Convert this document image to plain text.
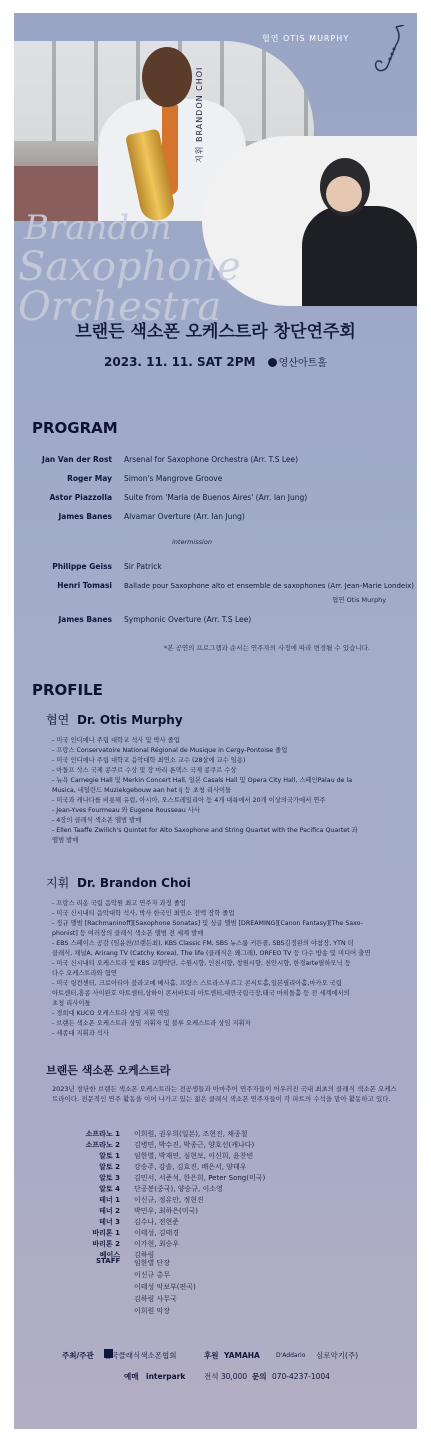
협연 OTIS MURPHY
지휘 BRANDON CHOI
Brandon
Saxophone Orchestra
브랜든 색소폰 오케스트라 창단연주회
2023. 11. 11. SAT 2PM 영산아트홀
PROGRAM
Jan Van der Rost Arsenal for Saxophone Orchestra (Arr. T.S Lee)
Roger May Simon's Mangrove Groove
Astor Piazzolla Suite from 'Maria de Buenos Aires' (Arr. Ian Jung)
James Banes Alvamar Overture (Arr. Ian Jung)
intermission
Philippe Geiss Sir Patrick
Henri Tomasi Ballade pour Saxophone alto et ensemble de saxophones (Arr. Jean-Marie Londeix)
협연 Otis Murphy
James Banes Symphonic Overture (Arr. T.S Lee)
*본 공연의 프로그램과 순서는 연주자의 사정에 따라 변경될 수 있습니다.
PROFILE
협연 Dr. Otis Murphy
- 미국 인디애나 주립 대학교 석사 및 박사 졸업
- 프랑스 Conservatoire National Régional de Musique in Cergy-Pontoise 졸업
- 미국 인디애나 주립 대학교 음악대학 최연소 교수 (28살에 교수 임용)
- 아돌프 삭스 국제 콩쿠르 수상 및 장 마리 론덱스 국제 콩쿠르 수상
- 뉴욕 Carnegie Hall 및 Merkin Concert Hall, 일본 Casals Hall 및 Opera City Hall, 스페인Palau de la
Musica, 네덜란드 Muziekgebouw aan het Ij 등 초청 리사이틀
- 미국과 캐나다를 비롯해 유럽, 아시아, 오스트레일리아 등 4개 대륙에서 20개 이상의국가에서 연주
- Jean-Yves Fourmeau 와 Eugene Rousseau 사사
- 4장의 클래식 색소폰 앨범 발매
- Ellen Taaffe Zwilich's Quintet for Alto Saxophone and String Quartet with the Pacifica Quartet 과
앨범 발매
지휘 Dr. Brandon Choi
- 프랑스 리옹 국립 음악원 최고 연주자 과정 졸업
- 미국 신시내티 음악대학 석사, 박사 한국인 최연소 전액 장학 졸업
- 정규 앨범 [Rachmaninoff][Saxophone Sonatas] 및 싱글 앨범 [DREAMING][Canon Fantasy][The Saxo-
phonist] 등 여러장의 클래식 색소폰 앨범 전 세계 발매
- EBS 스페이스 공감 (임윤찬/브랜든최), KBS Classic FM, SBS 뉴스룸 커튼콜, SBS김정완의 야참장, YTN 더
클래식, 채널A, Arirang TV (Catchy Korea), The life (클래식은 왜그래), ORFEO TV 등 다수 방송 및 미디어 출연
- 미국 신시내티 오케스트라 및 KBS 교향악단, 수원시향, 인천시향, 창원시향, 천안시향, 한경arte필하모닉 등
다수 오케스트라와 협연
- 미국 링컨센터, 크로아티아 블라고예 베사홀, 프랑스 스트라스부르그 콘서트홀,일본필리아홀,마카오 국립
아트센터,홍콩 사이완호 아트센터,상하이 콘서바토리 아트센터,대만국립극장,태국 마히돌홀 등 전 세계에서의
초청 리사이틀
- 경희대 KUCO 오케스트라 상임 지휘 역임
- 브랜든 색소폰 오케스트라 상임 지휘자 및 블루 오케스트라 상임 지휘자
- 세종대 지휘과 석사
브랜든 색소폰 오케스트라
2023년 창단한 브랜든 색소폰 오케스트라는 전공생들과 아마추어 연주자들이 어우러진 국내 최초의 클래식 색소폰 오케스트라이다. 전문적인 연주 활동을 이어 나가고 있는 젊은 클래식 색소폰 연주자들이 각 파트의 수석을 맡아 활동하고 있다.
소프라노 1 이희원, 권우희(일본), 조현진, 채종철
소프라노 2 김병민, 박수진, 박종근, 양호선(캐나다)
알토 1 임한별, 박재연, 심현보, 이신희, 윤찬빈
알토 2 강승주, 감솔, 김효진, 배은서, 양태우
알토 3 김민서, 서준석, 한은희, Peter Song(미국)
알토 4 단공봉(중국), 양승규, 이소영
테너 1 이신규, 정유안, 정현진
테너 2 박민우, 최하은(미국)
테너 3 김수나, 전현준
바리톤 1 이태성, 김태경
바리톤 2 이가현, 최승우
베이스 김하림
STAFF 임한별 단장
이신규 총무
이태성 악보부(편곡)
김하림 사무국
이희원 악장
주최/주관 한국클래식색소폰협회	후원 YAMAHA	D'Addario 심로악기(주)
예매 interpark 전석 30,000 문의 070-4237-1004
